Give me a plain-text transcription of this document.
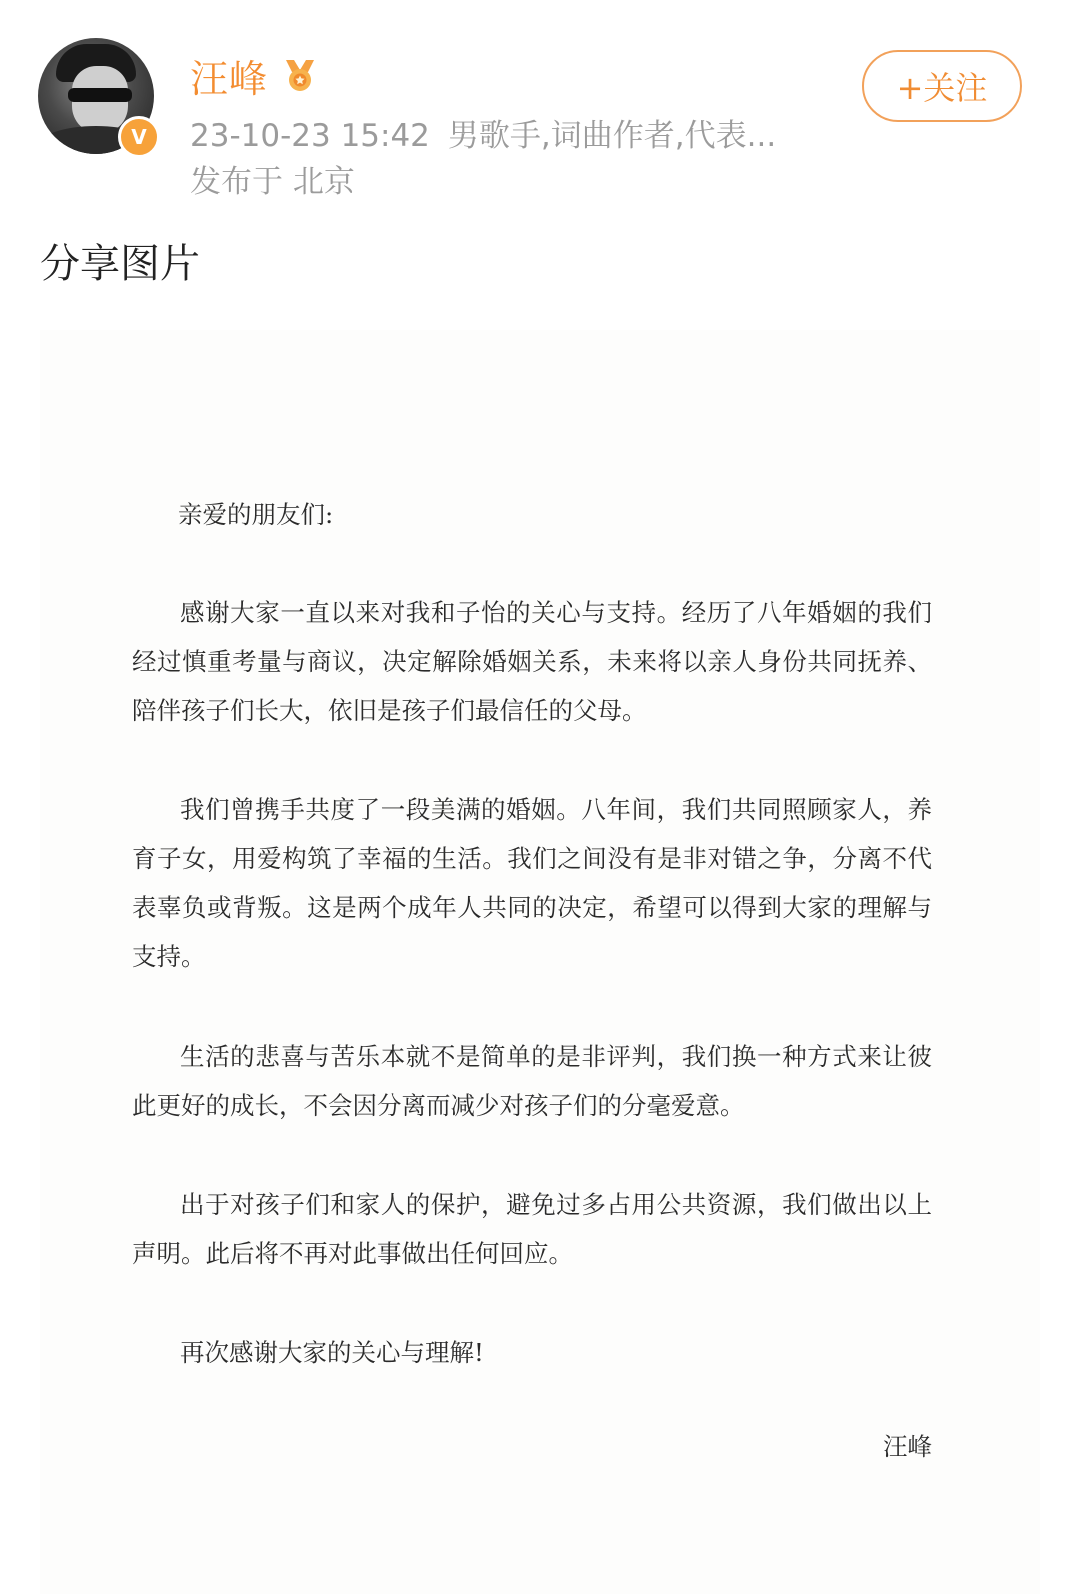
V
汪峰
23-10-23 15:42 男歌手,词曲作者,代表...
发布于 北京
+关注
分享图片
亲爱的朋友们:

感谢大家一直以来对我和子怡的关心与支持。经历了八年婚姻的我们经过慎重考量与商议，决定解除婚姻关系，未来将以亲人身份共同抚养、陪伴孩子们长大，依旧是孩子们最信任的父母。

我们曾携手共度了一段美满的婚姻。八年间，我们共同照顾家人，养育子女，用爱构筑了幸福的生活。我们之间没有是非对错之争，分离不代表辜负或背叛。这是两个成年人共同的决定，希望可以得到大家的理解与支持。

生活的悲喜与苦乐本就不是简单的是非评判，我们换一种方式来让彼此更好的成长，不会因分离而减少对孩子们的分毫爱意。

出于对孩子们和家人的保护，避免过多占用公共资源，我们做出以上声明。此后将不再对此事做出任何回应。

再次感谢大家的关心与理解!

汪峰
